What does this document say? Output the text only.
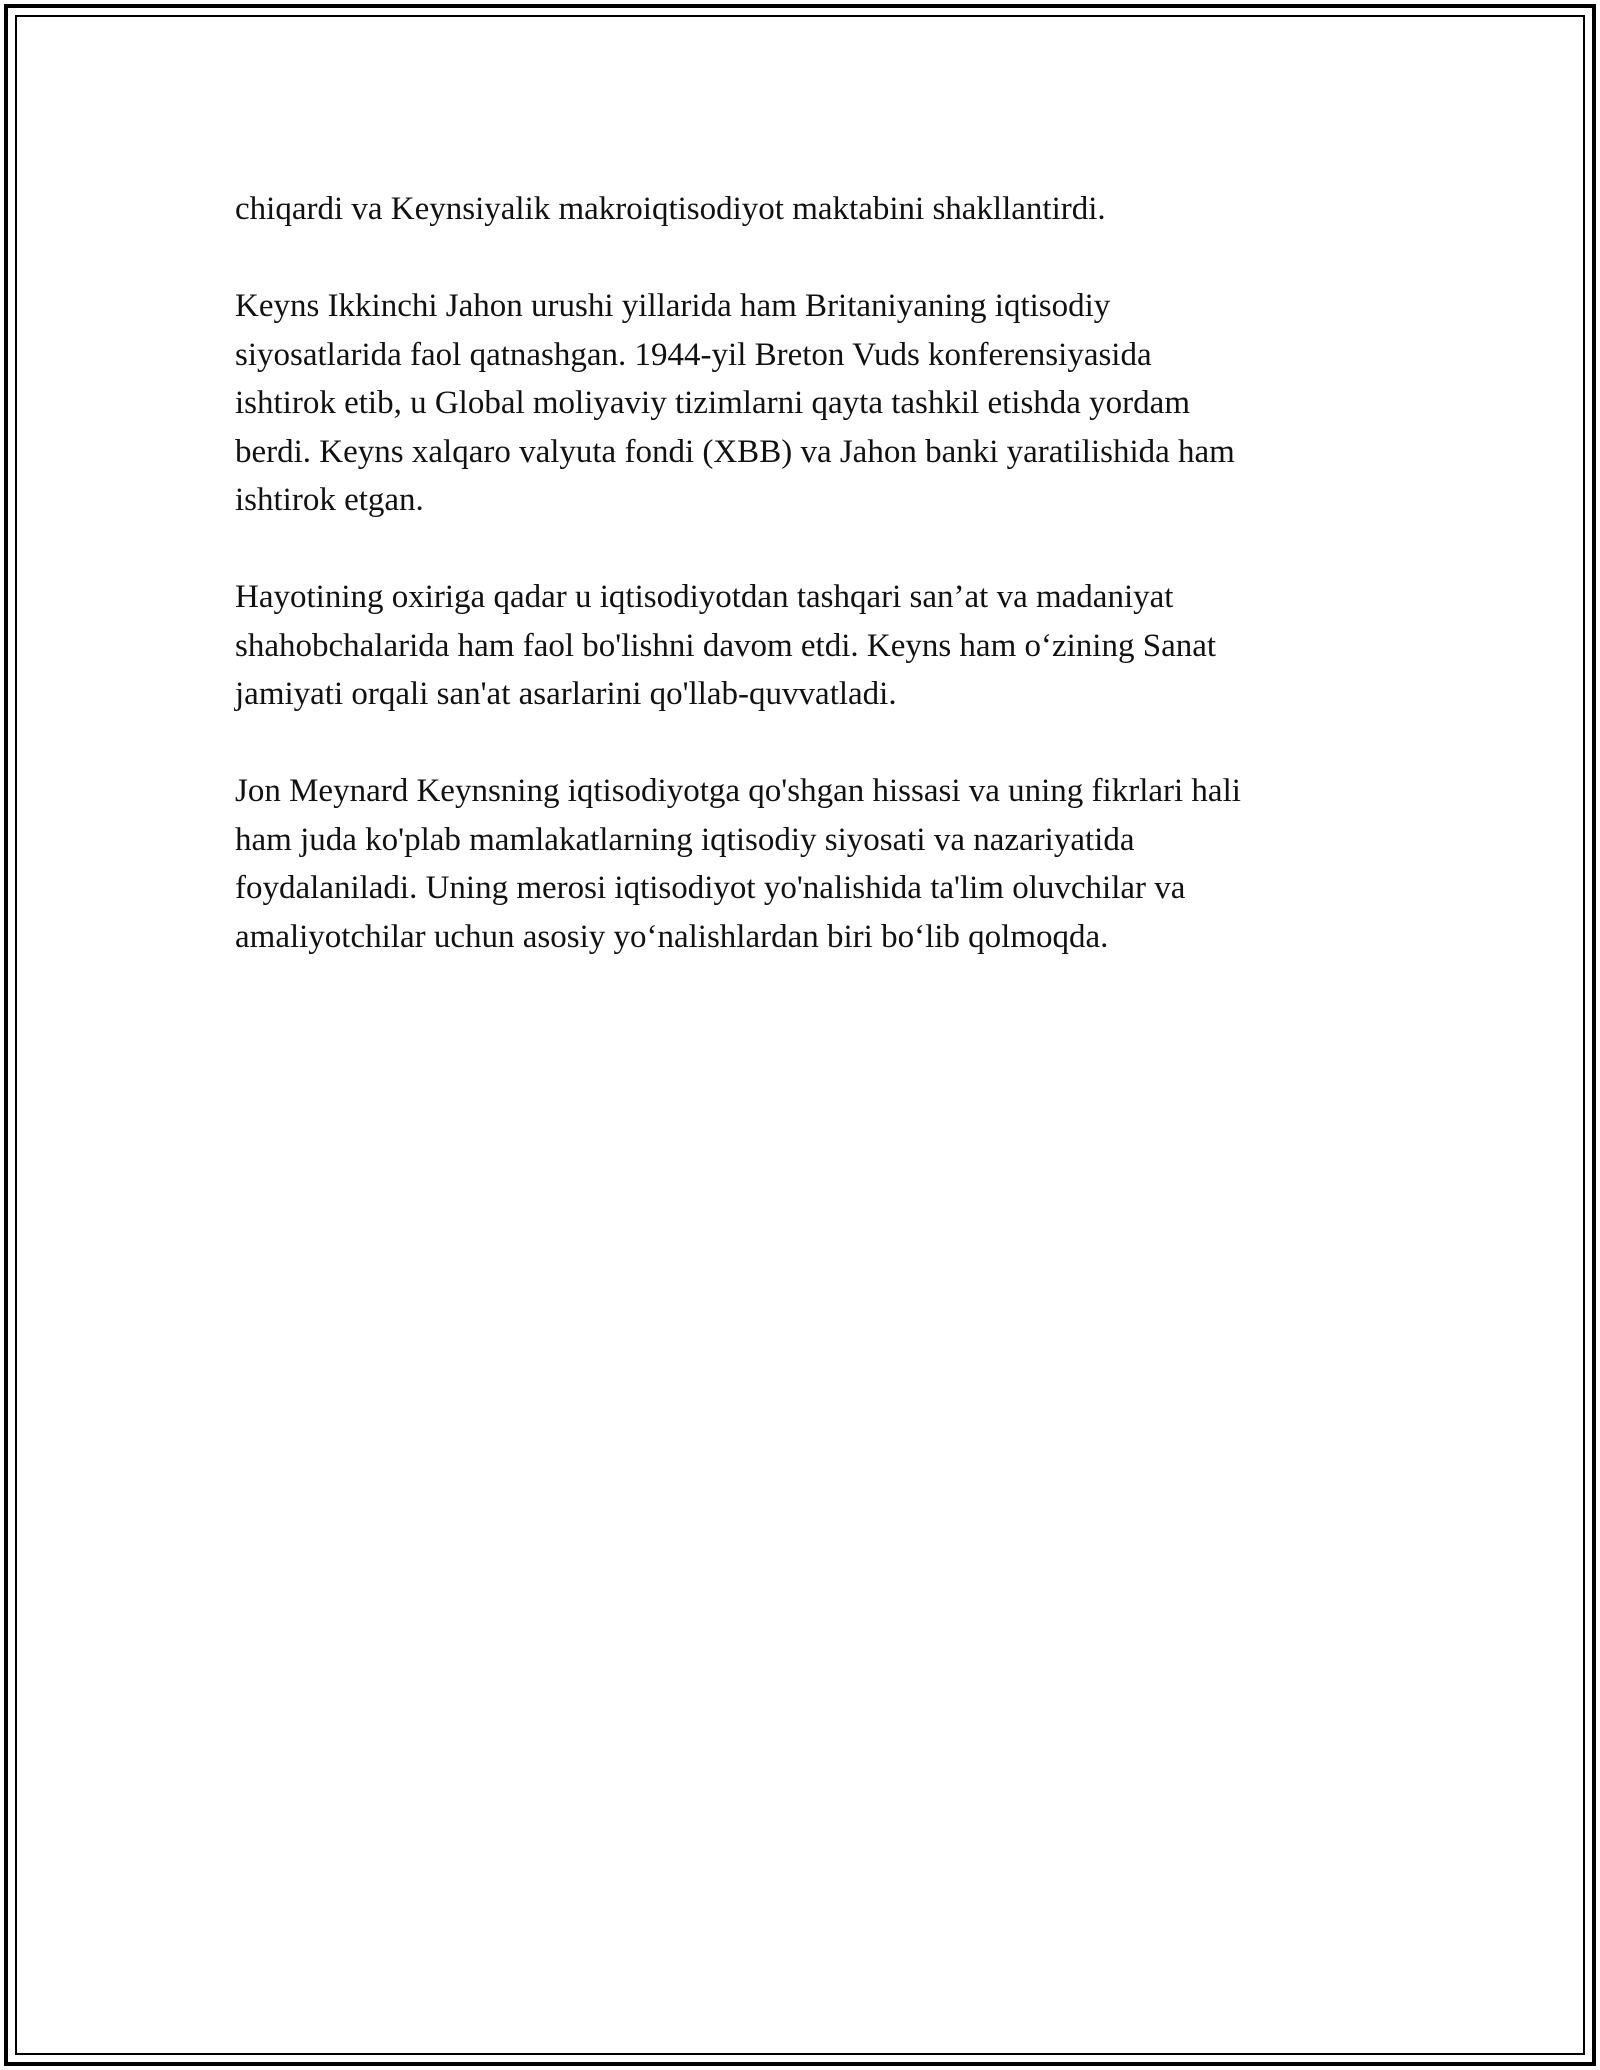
chiqardi va Keynsiyalik makroiqtisodiyot maktabini shakllantirdi.

Keyns Ikkinchi Jahon urushi yillarida ham Britaniyaning iqtisodiy
siyosatlarida faol qatnashgan. 1944-yil Breton Vuds konferensiyasida
ishtirok etib, u Global moliyaviy tizimlarni qayta tashkil etishda yordam
berdi. Keyns xalqaro valyuta fondi (XBB) va Jahon banki yaratilishida ham
ishtirok etgan.

Hayotining oxiriga qadar u iqtisodiyotdan tashqari san’at va madaniyat
shahobchalarida ham faol bo'lishni davom etdi. Keyns ham o‘zining Sanat
jamiyati orqali san'at asarlarini qo'llab-quvvatladi.

Jon Meynard Keynsning iqtisodiyotga qo'shgan hissasi va uning fikrlari hali
ham juda ko'plab mamlakatlarning iqtisodiy siyosati va nazariyatida
foydalaniladi. Uning merosi iqtisodiyot yo'nalishida ta'lim oluvchilar va
amaliyotchilar uchun asosiy yo‘nalishlardan biri bo‘lib qolmoqda.
